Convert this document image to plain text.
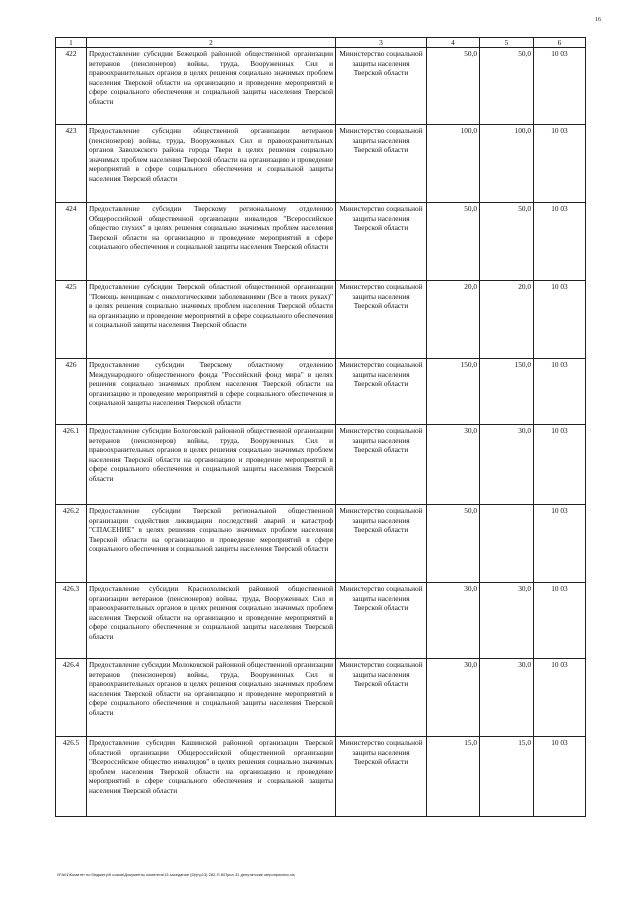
16
1	2	3	4	5	6
422	Предоставление субсидии Бежецкой районной общественной организации ветеранов (пенсионеров) войны, труда, Вооруженных Сил и правоохранительных органов в целях решения социально значимых проблем населения Тверской области на организацию и проведение мероприятий в сфере социального обеспечения и социальной защиты населения Тверской области	Министерство социальной защиты населения Тверской области	50,0	50,0	10 03
423	Предоставление субсидии общественной организации ветеранов (пенсионеров) войны, труда, Вооруженных Сил и правоохранительных органов Заволжского района города Твери в целях решения социально значимых проблем населения Тверской области на организацию и проведение мероприятий в сфере социального обеспечения и социальной защиты населения Тверской области	Министерство социальной защиты населения Тверской области	100,0	100,0	10 03
424	Предоставление субсидии Тверскому региональному отделению Общероссийской общественной организации инвалидов "Всероссийское общество глухих" в целях решения социально значимых проблем населения Тверской области на организацию и проведение мероприятий в сфере социального обеспечения и социальной защиты населения Тверской области	Министерство социальной защиты населения Тверской области	50,0	50,0	10 03
425	Предоставление субсидии Тверской областной общественной организации "Помощь женщинам с онкологическими заболеваниями (Все в твоих руках)" в целях решения социально значимых проблем населения Тверской области на организацию и проведение мероприятий в сфере социального обеспечения и социальной защиты населения Тверской области	Министерство социальной защиты населения Тверской области	20,0	20,0	10 03
426	Предоставление субсидии Тверскому областному отделению Международного общественного фонда "Российский фонд мира" в целях решения социально значимых проблем населения Тверской области на организацию и проведение мероприятий в сфере социального обеспечения и социальной защиты населения Тверской области	Министерство социальной защиты населения Тверской области	150,0	150,0	10 03
426.1	Предоставление субсидии Бологовской районной общественной организации ветеранов (пенсионеров) войны, труда, Вооруженных Сил и правоохранительных органов в целях решения социально значимых проблем населения Тверской области на организацию и проведение мероприятий в сфере социального обеспечения и социальной защиты населения Тверской области	Министерство социальной защиты населения Тверской области	30,0	30,0	10 03
426.2	Предоставление субсидии Тверской региональной общественной организации содействия ликвидации последствий аварий и катастроф "СПАСЕНИЕ" в целях решения социально значимых проблем населения Тверской области на организацию и проведение мероприятий в сфере социального обеспечения и социальной защиты населения Тверской области	Министерство социальной защиты населения Тверской области	50,0		10 03
426.3	Предоставление субсидии Краснохолмской районной общественной организации ветеранов (пенсионеров) войны, труда, Вооруженных Сил и правоохранительных органов в целях решения социально значимых проблем населения Тверской области на организацию и проведение мероприятий в сфере социального обеспечения и социальной защиты населения Тверской области	Министерство социальной защиты населения Тверской области	30,0	30,0	10 03
426.4	Предоставление субсидии Молоковской районной общественной организации ветеранов (пенсионеров) войны, труда, Вооруженных Сил и правоохранительных органов в целях решения социально значимых проблем населения Тверской области на организацию и проведение мероприятий в сфере социального обеспечения и социальной защиты населения Тверской области	Министерство социальной защиты населения Тверской области	30,0	30,0	10 03
426.5	Предоставление субсидии Кашинской районной организации Тверской областной организации Общероссийской общественной организации "Всероссийское общество инвалидов" в целях решения социально значимых проблем населения Тверской области на организацию и проведение мероприятий в сфере социального обеспечения и социальной защиты населения Тверской области	Министерство социальной защиты населения Тверской области	15,0	15,0	10 03
\\FA01\Комитет по бюджету\6 созыв\Документы комитета\13 заседание (6)\p\p13) 282-П-6\Прил 31 депутатские мероприятия.xls
